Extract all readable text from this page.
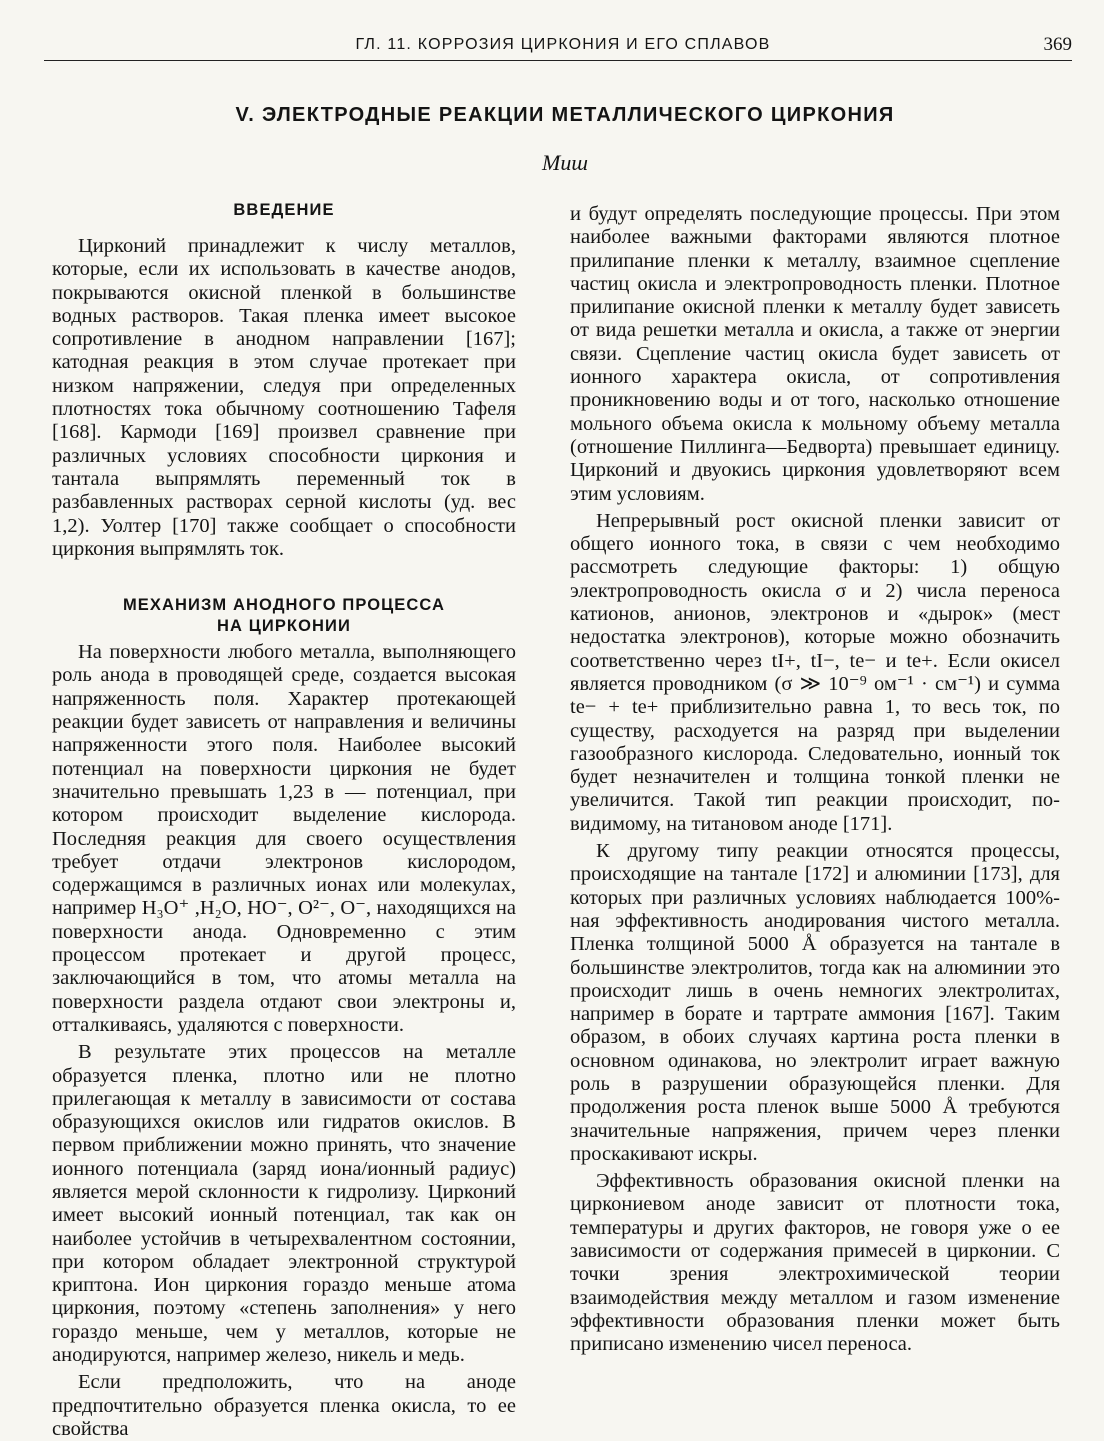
ГЛ. 11. КОРРОЗИЯ ЦИРКОНИЯ И ЕГО СПЛАВОВ	369
V. ЭЛЕКТРОДНЫЕ РЕАКЦИИ МЕТАЛЛИЧЕСКОГО ЦИРКОНИЯ
Миш
ВВЕДЕНИЕ

Цирконий принадлежит к числу металлов, которые, если их использовать в качестве анодов, покрываются окисной пленкой в большинстве водных растворов. Такая пленка имеет высокое сопротивление в анодном направлении [167]; катодная реакция в этом случае протекает при низком напряжении, следуя при определенных плотностях тока обычному соотношению Тафеля [168]. Кармоди [169] произвел сравнение при различных условиях способности циркония и тантала выпрямлять переменный ток в разбавленных растворах серной кислоты (уд. вес 1,2). Уолтер [170] также сообщает о способности циркония выпрямлять ток.

МЕХАНИЗМ АНОДНОГО ПРОЦЕССА
НА ЦИРКОНИИ

На поверхности любого металла, выполняющего роль анода в проводящей среде, создается высокая напряженность поля. Характер протекающей реакции будет зависеть от направления и величины напряженности этого поля. Наиболее высокий потенциал на поверхности циркония не будет значительно превышать 1,23 в — потенциал, при котором происходит выделение кислорода. Последняя реакция для своего осуществления требует отдачи электронов кислородом, содержащимся в различных ионах или молекулах, например H₃O⁺ ,H₂O, HO⁻, O²⁻, O⁻, находящихся на поверхности анода. Одновременно с этим процессом протекает и другой процесс, заключающийся в том, что атомы металла на поверхности раздела отдают свои электроны и, отталкиваясь, удаляются с поверхности.

В результате этих процессов на металле образуется пленка, плотно или не плотно прилегающая к металлу в зависимости от состава образующихся окислов или гидратов окислов. В первом приближении можно принять, что значение ионного потенциала (заряд иона/ионный радиус) является мерой склонности к гидролизу. Цирконий имеет высокий ионный потенциал, так как он наиболее устойчив в четырехвалентном состоянии, при котором обладает электронной структурой криптона. Ион циркония гораздо меньше атома циркония, поэтому «степень заполнения» у него гораздо меньше, чем у металлов, которые не анодируются, например железо, никель и медь.

Если предположить, что на аноде предпочтительно образуется пленка окисла, то ее свойства

и будут определять последующие процессы. При этом наиболее важными факторами являются плотное прилипание пленки к металлу, взаимное сцепление частиц окисла и электропроводность пленки. Плотное прилипание окисной пленки к металлу будет зависеть от вида решетки металла и окисла, а также от энергии связи. Сцепление частиц окисла будет зависеть от ионного характера окисла, от сопротивления проникновению воды и от того, насколько отношение мольного объема окисла к мольному объему металла (отношение Пиллинга—Бедворта) превышает единицу. Цирконий и двуокись циркония удовлетворяют всем этим условиям.

Непрерывный рост окисной пленки зависит от общего ионного тока, в связи с чем необходимо рассмотреть следующие факторы: 1) общую электропроводность окисла σ и 2) числа переноса катионов, анионов, электронов и «дырок» (мест недостатка электронов), которые можно обозначить соответственно через tI+, tI−, te− и te+. Если окисел является проводником (σ ≫ 10⁻⁹ ом⁻¹ · см⁻¹) и сумма te− + te+ приблизительно равна 1, то весь ток, по существу, расходуется на разряд при выделении газообразного кислорода. Следовательно, ионный ток будет незначителен и толщина тонкой пленки не увеличится. Такой тип реакции происходит, по-видимому, на титановом аноде [171].

К другому типу реакции относятся процессы, происходящие на тантале [172] и алюминии [173], для которых при различных условиях наблюдается 100%-ная эффективность анодирования чистого металла. Пленка толщиной 5000 Å образуется на тантале в большинстве электролитов, тогда как на алюминии это происходит лишь в очень немногих электролитах, например в борате и тартрате аммония [167]. Таким образом, в обоих случаях картина роста пленки в основном одинакова, но электролит играет важную роль в разрушении образующейся пленки. Для продолжения роста пленок выше 5000 Å требуются значительные напряжения, причем через пленки проскакивают искры.

Эффективность образования окисной пленки на циркониевом аноде зависит от плотности тока, температуры и других факторов, не говоря уже о ее зависимости от содержания примесей в цирконии. С точки зрения электрохимической теории взаимодействия между металлом и газом изменение эффективности образования пленки может быть приписано изменению чисел переноса.
